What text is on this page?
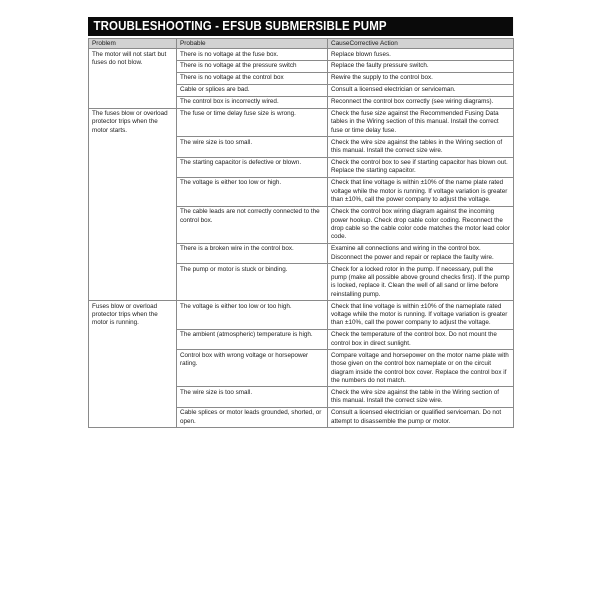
TROUBLESHOOTING - EFSUB SUBMERSIBLE PUMP
Problem	Probable	CauseCorrective Action
The motor will not start but fuses do not blow.	There is no voltage at the fuse box.	Replace blown fuses.
	There is no voltage at the pressure switch	Replace the faulty pressure switch.
	There is no voltage at the control box	Rewire the supply to the control box.
	Cable or splices are bad.	Consult a licensed electrician or serviceman.
	The control box is incorrectly wired.	Reconnect the control box correctly (see wiring diagrams).
The fuses blow or overload protector trips when the motor starts.	The fuse or time delay fuse size is wrong.	Check the fuse size against the Recommended Fusing Data tables in the Wiring section of this manual. Install the correct fuse or time delay fuse.
	The wire size is too small.	Check the wire size against the tables in the Wiring section of this manual. Install the correct size wire.
	The starting capacitor is defective or blown.	Check the control box to see if starting capacitor has blown out. Replace the starting capacitor.
	The voltage is either too low or high.	Check that line voltage is within ±10% of the name plate rated voltage while the motor is running. If voltage variation is greater than ±10%, call the power company to adjust the voltage.
	The cable leads are not correctly connected to the control box.	Check the control box wiring diagram against the incoming power hookup. Check drop cable color coding. Reconnect the drop cable so the cable color code matches the motor lead color code.
	There is a broken wire in the control box.	Examine all connections and wiring in the control box. Disconnect the power and repair or replace the faulty wire.
	The pump or motor is stuck or binding.	Check for a locked rotor in the pump. If necessary, pull the pump (make all possible above ground checks first). If the pump is locked, replace it. Clean the well of all sand or lime before reinstalling pump.
Fuses blow or overload protector trips when the motor is running.	The voltage is either too low or too high.	Check that line voltage is within ±10% of the nameplate rated voltage while the motor is running. If voltage variation is greater than ±10%, call the power company to adjust the voltage.
	The ambient (atmospheric) temperature is high.	Check the temperature of the control box. Do not mount the control box in direct sunlight.
	Control box with wrong voltage or horsepower rating.	Compare voltage and horsepower on the motor name plate with those given on the control box nameplate or on the circuit diagram inside the control box cover. Replace the control box if the numbers do not match.
	The wire size is too small.	Check the wire size against the table in the Wiring section of this manual. Install the correct size wire.
	Cable splices or motor leads grounded, shorted, or open.	Consult a licensed electrician or qualified serviceman. Do not attempt to disassemble the pump or motor.
